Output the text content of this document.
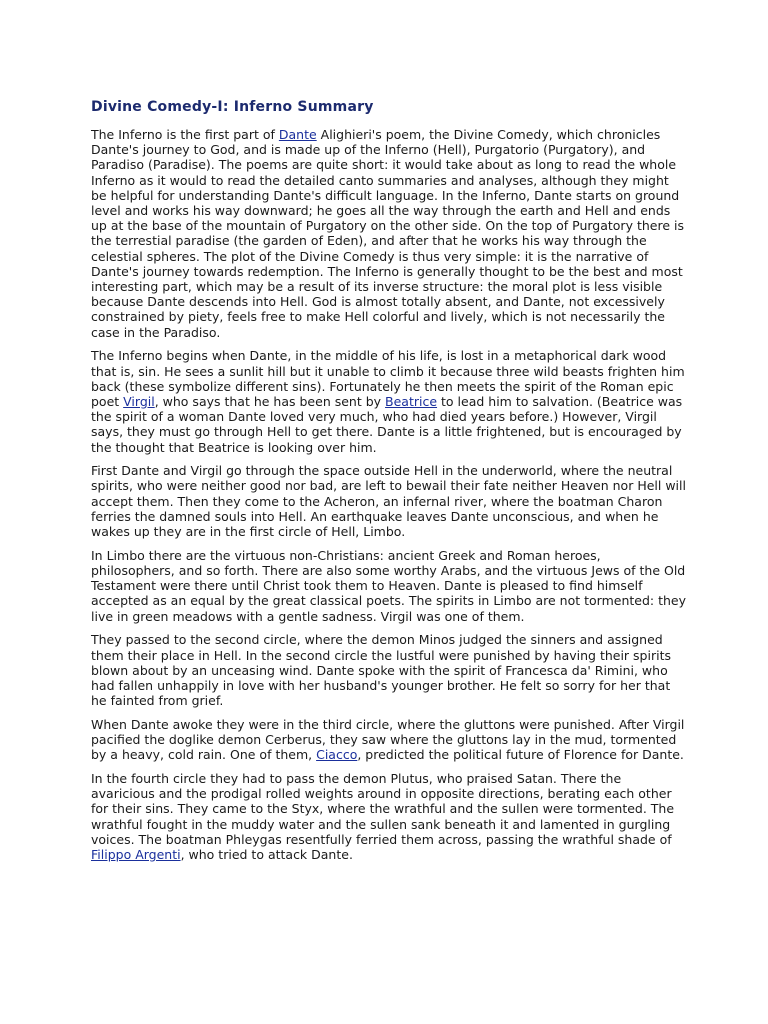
Divine Comedy-I: Inferno Summary

The Inferno is the first part of Dante Alighieri's poem, the Divine Comedy, which chronicles Dante's journey to God, and is made up of the Inferno (Hell), Purgatorio (Purgatory), and Paradiso (Paradise). The poems are quite short: it would take about as long to read the whole Inferno as it would to read the detailed canto summaries and analyses, although they might be helpful for understanding Dante's difficult language. In the Inferno, Dante starts on ground level and works his way downward; he goes all the way through the earth and Hell and ends up at the base of the mountain of Purgatory on the other side. On the top of Purgatory there is the terrestial paradise (the garden of Eden), and after that he works his way through the celestial spheres. The plot of the Divine Comedy is thus very simple: it is the narrative of Dante's journey towards redemption. The Inferno is generally thought to be the best and most interesting part, which may be a result of its inverse structure: the moral plot is less visible because Dante descends into Hell. God is almost totally absent, and Dante, not excessively constrained by piety, feels free to make Hell colorful and lively, which is not necessarily the case in the Paradiso.

The Inferno begins when Dante, in the middle of his life, is lost in a metaphorical dark wood that is, sin. He sees a sunlit hill but it unable to climb it because three wild beasts frighten him back (these symbolize different sins). Fortunately he then meets the spirit of the Roman epic poet Virgil, who says that he has been sent by Beatrice to lead him to salvation. (Beatrice was the spirit of a woman Dante loved very much, who had died years before.) However, Virgil says, they must go through Hell to get there. Dante is a little frightened, but is encouraged by the thought that Beatrice is looking over him.

First Dante and Virgil go through the space outside Hell in the underworld, where the neutral spirits, who were neither good nor bad, are left to bewail their fate neither Heaven nor Hell will accept them. Then they come to the Acheron, an infernal river, where the boatman Charon ferries the damned souls into Hell. An earthquake leaves Dante unconscious, and when he wakes up they are in the first circle of Hell, Limbo.

In Limbo there are the virtuous non-Christians: ancient Greek and Roman heroes, philosophers, and so forth. There are also some worthy Arabs, and the virtuous Jews of the Old Testament were there until Christ took them to Heaven. Dante is pleased to find himself accepted as an equal by the great classical poets. The spirits in Limbo are not tormented: they live in green meadows with a gentle sadness. Virgil was one of them.

They passed to the second circle, where the demon Minos judged the sinners and assigned them their place in Hell. In the second circle the lustful were punished by having their spirits blown about by an unceasing wind. Dante spoke with the spirit of Francesca da' Rimini, who had fallen unhappily in love with her husband's younger brother. He felt so sorry for her that he fainted from grief.

When Dante awoke they were in the third circle, where the gluttons were punished. After Virgil pacified the doglike demon Cerberus, they saw where the gluttons lay in the mud, tormented by a heavy, cold rain. One of them, Ciacco, predicted the political future of Florence for Dante.

In the fourth circle they had to pass the demon Plutus, who praised Satan. There the avaricious and the prodigal rolled weights around in opposite directions, berating each other for their sins. They came to the Styx, where the wrathful and the sullen were tormented. The wrathful fought in the muddy water and the sullen sank beneath it and lamented in gurgling voices. The boatman Phleygas resentfully ferried them across, passing the wrathful shade of Filippo Argenti, who tried to attack Dante.
